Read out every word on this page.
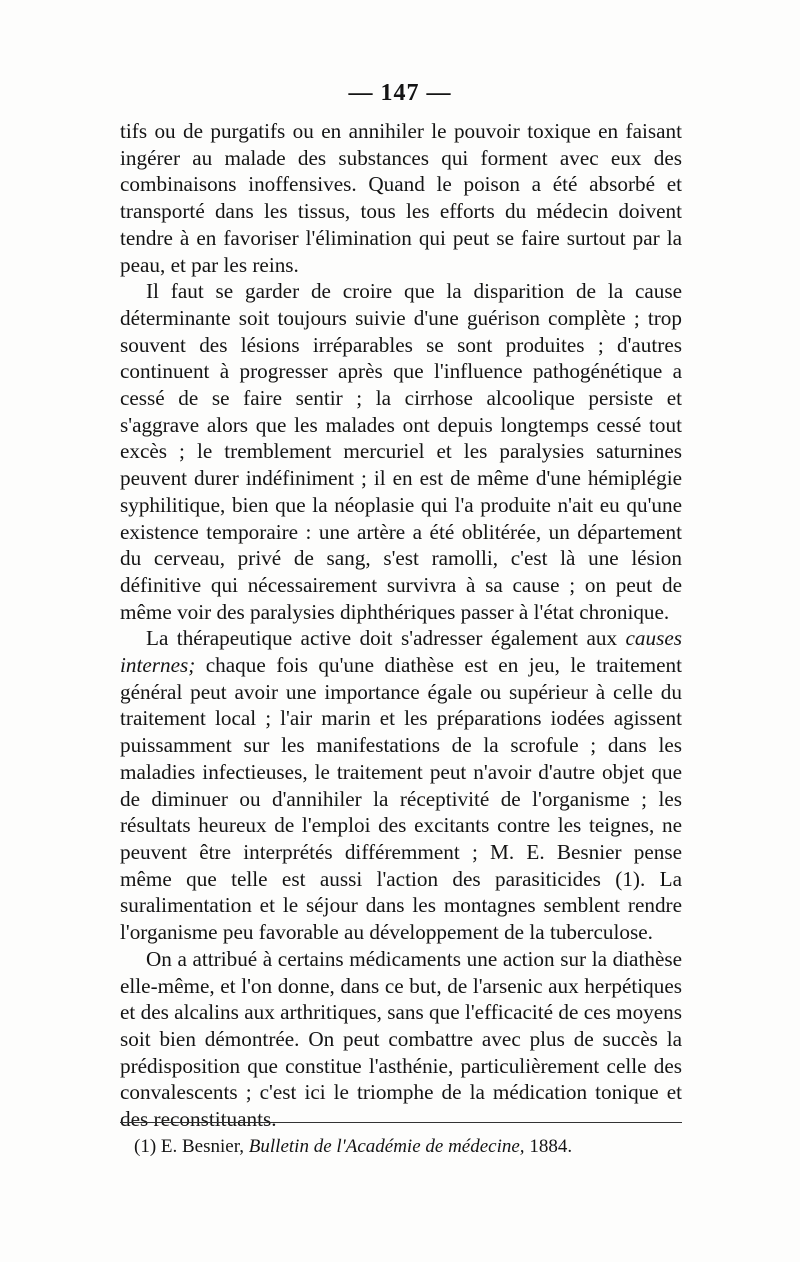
— 147 —

tifs ou de purgatifs ou en annihiler le pouvoir toxique en faisant ingérer au malade des substances qui forment avec eux des combinaisons inoffensives. Quand le poison a été absorbé et transporté dans les tissus, tous les efforts du médecin doivent tendre à en favoriser l'élimination qui peut se faire surtout par la peau, et par les reins.

Il faut se garder de croire que la disparition de la cause déterminante soit toujours suivie d'une guérison complète ; trop souvent des lésions irréparables se sont produites ; d'autres continuent à progresser après que l'influence pathogénétique a cessé de se faire sentir ; la cirrhose alcoolique persiste et s'aggrave alors que les malades ont depuis longtemps cessé tout excès ; le tremblement mercuriel et les paralysies saturnines peuvent durer indéfiniment ; il en est de même d'une hémiplégie syphilitique, bien que la néoplasie qui l'a produite n'ait eu qu'une existence temporaire : une artère a été oblitérée, un département du cerveau, privé de sang, s'est ramolli, c'est là une lésion définitive qui nécessairement survivra à sa cause ; on peut de même voir des paralysies diphthériques passer à l'état chronique.

La thérapeutique active doit s'adresser également aux causes internes; chaque fois qu'une diathèse est en jeu, le traitement général peut avoir une importance égale ou supérieur à celle du traitement local ; l'air marin et les préparations iodées agissent puissamment sur les manifestations de la scrofule ; dans les maladies infectieuses, le traitement peut n'avoir d'autre objet que de diminuer ou d'annihiler la réceptivité de l'organisme ; les résultats heureux de l'emploi des excitants contre les teignes, ne peuvent être interprétés différemment ; M. E. Besnier pense même que telle est aussi l'action des parasiticides (1). La suralimentation et le séjour dans les montagnes semblent rendre l'organisme peu favorable au développement de la tuberculose.

On a attribué à certains médicaments une action sur la diathèse elle-même, et l'on donne, dans ce but, de l'arsenic aux herpétiques et des alcalins aux arthritiques, sans que l'efficacité de ces moyens soit bien démontrée. On peut combattre avec plus de succès la prédisposition que constitue l'asthénie, particulièrement celle des convalescents ; c'est ici le triomphe de la médication tonique et des reconstituants.

(1) E. Besnier, Bulletin de l'Académie de médecine, 1884.
